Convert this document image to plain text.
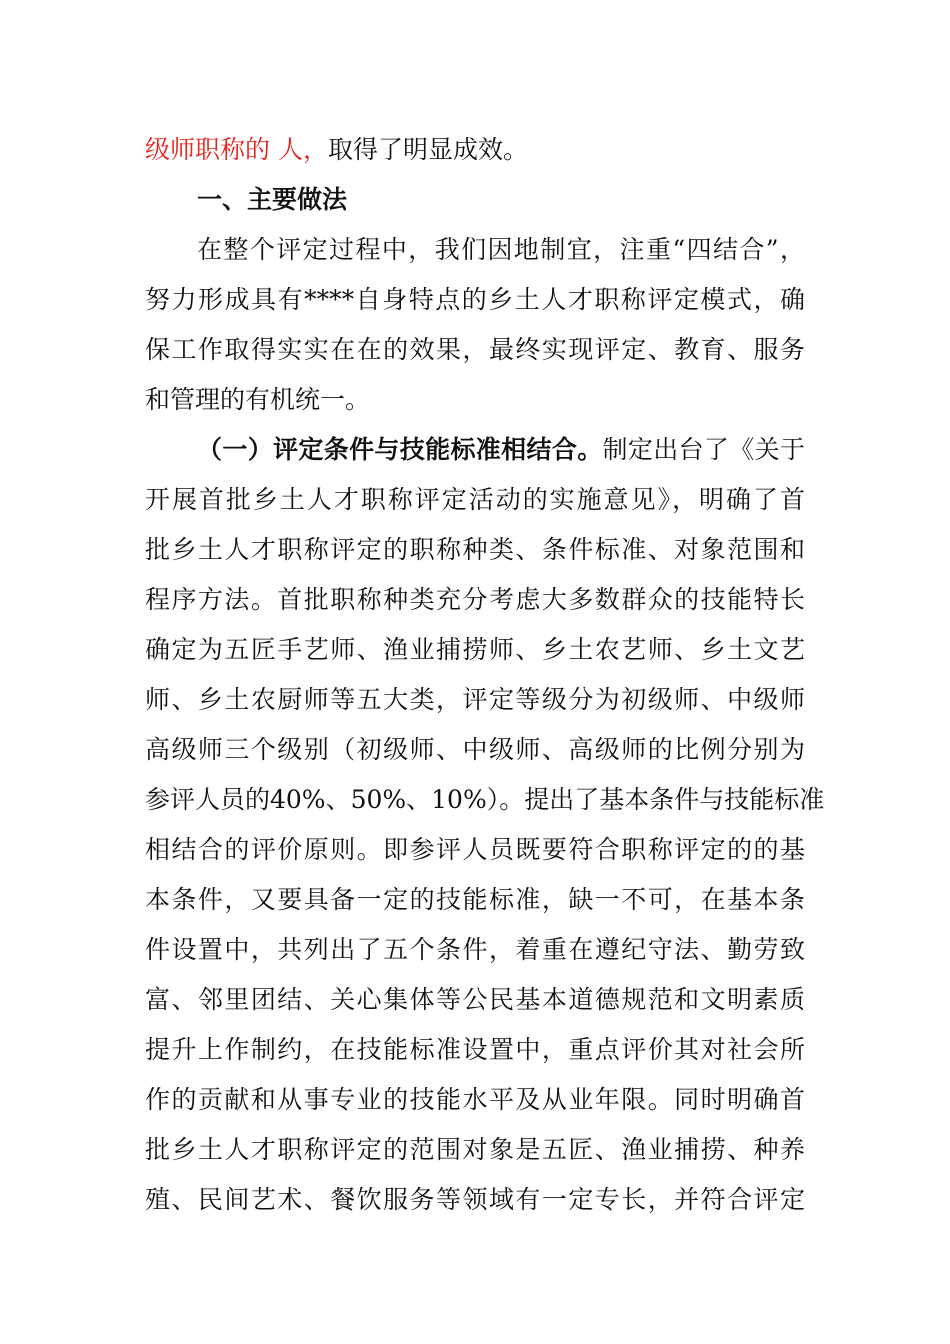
级师职称的 人，取得了明显成效。
一、主要做法
在整个评定过程中，我们因地制宜，注重“四结合”，
努力形成具有****自身特点的乡土人才职称评定模式，确
保工作取得实实在在的效果，最终实现评定、教育、服务
和管理的有机统一。
（一）评定条件与技能标准相结合。制定出台了《关于
开展首批乡土人才职称评定活动的实施意见》，明确了首
批乡土人才职称评定的职称种类、条件标准、对象范围和
程序方法。首批职称种类充分考虑大多数群众的技能特长
确定为五匠手艺师、渔业捕捞师、乡土农艺师、乡土文艺
师、乡土农厨师等五大类，评定等级分为初级师、中级师
高级师三个级别（初级师、中级师、高级师的比例分别为
参评人员的40%、50%、10%）。提出了基本条件与技能标准
相结合的评价原则。即参评人员既要符合职称评定的的基
本条件，又要具备一定的技能标准，缺一不可，在基本条
件设置中，共列出了五个条件，着重在遵纪守法、勤劳致
富、邻里团结、关心集体等公民基本道德规范和文明素质
提升上作制约，在技能标准设置中，重点评价其对社会所
作的贡献和从事专业的技能水平及从业年限。同时明确首
批乡土人才职称评定的范围对象是五匠、渔业捕捞、种养
殖、民间艺术、餐饮服务等领域有一定专长，并符合评定
